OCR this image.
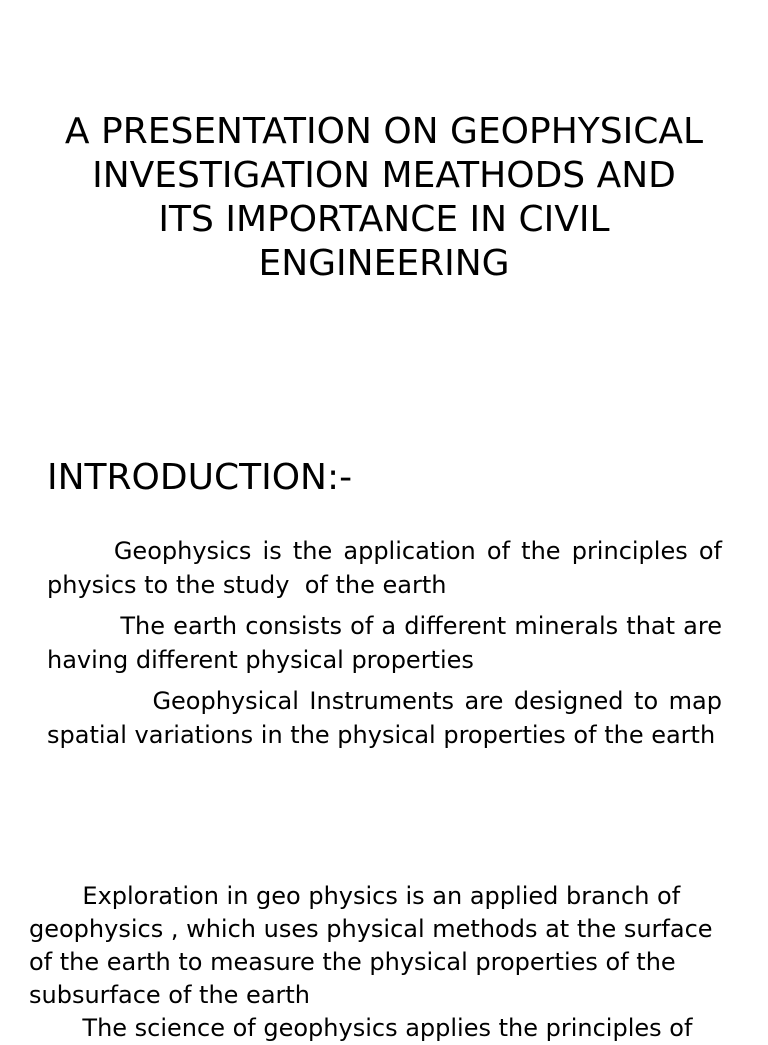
A PRESENTATION ON GEOPHYSICAL INVESTIGATION MEATHODS AND ITS IMPORTANCE IN CIVIL ENGINEERING
INTRODUCTION:-

Geophysics is the application of the principles of physics to the study  of the earth

The earth consists of a different minerals that are having different physical properties

Geophysical Instruments are designed to map spatial variations in the physical properties of the earth

Exploration in geo physics is an applied branch of geophysics , which uses physical methods at the surface of the earth to measure the physical properties of the subsurface of the earth

The science of geophysics applies the principles of
